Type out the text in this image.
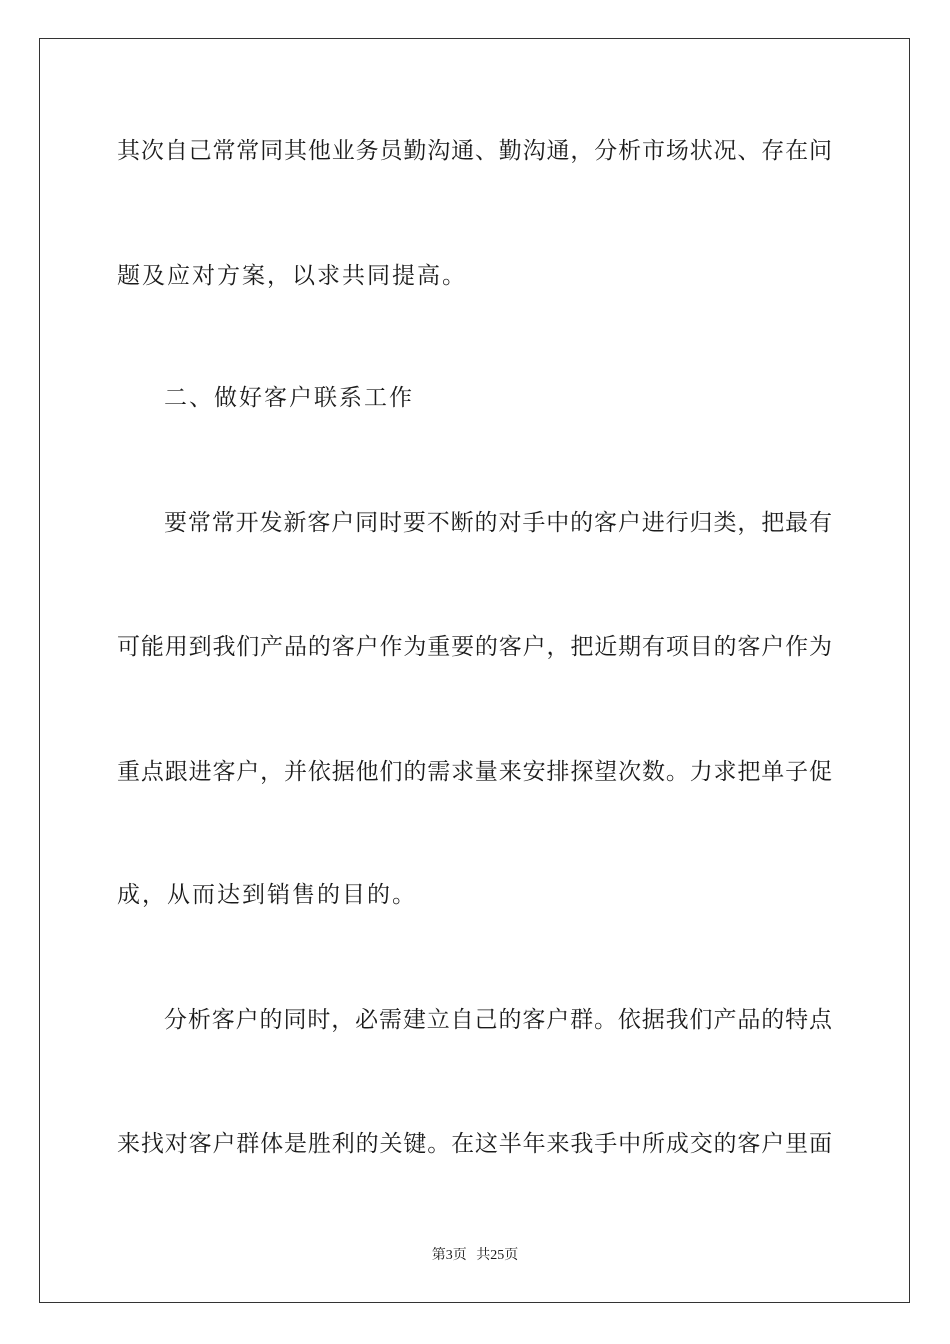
其次自己常常同其他业务员勤沟通、勤沟通，分析市场状况、存在问
题及应对方案，以求共同提高。
二、做好客户联系工作
要常常开发新客户同时要不断的对手中的客户进行归类，把最有
可能用到我们产品的客户作为重要的客户，把近期有项目的客户作为
重点跟进客户，并依据他们的需求量来安排探望次数。力求把单子促
成，从而达到销售的目的。
分析客户的同时，必需建立自己的客户群。依据我们产品的特点
来找对客户群体是胜利的关键。在这半年来我手中所成交的客户里面
第3页 共25页
